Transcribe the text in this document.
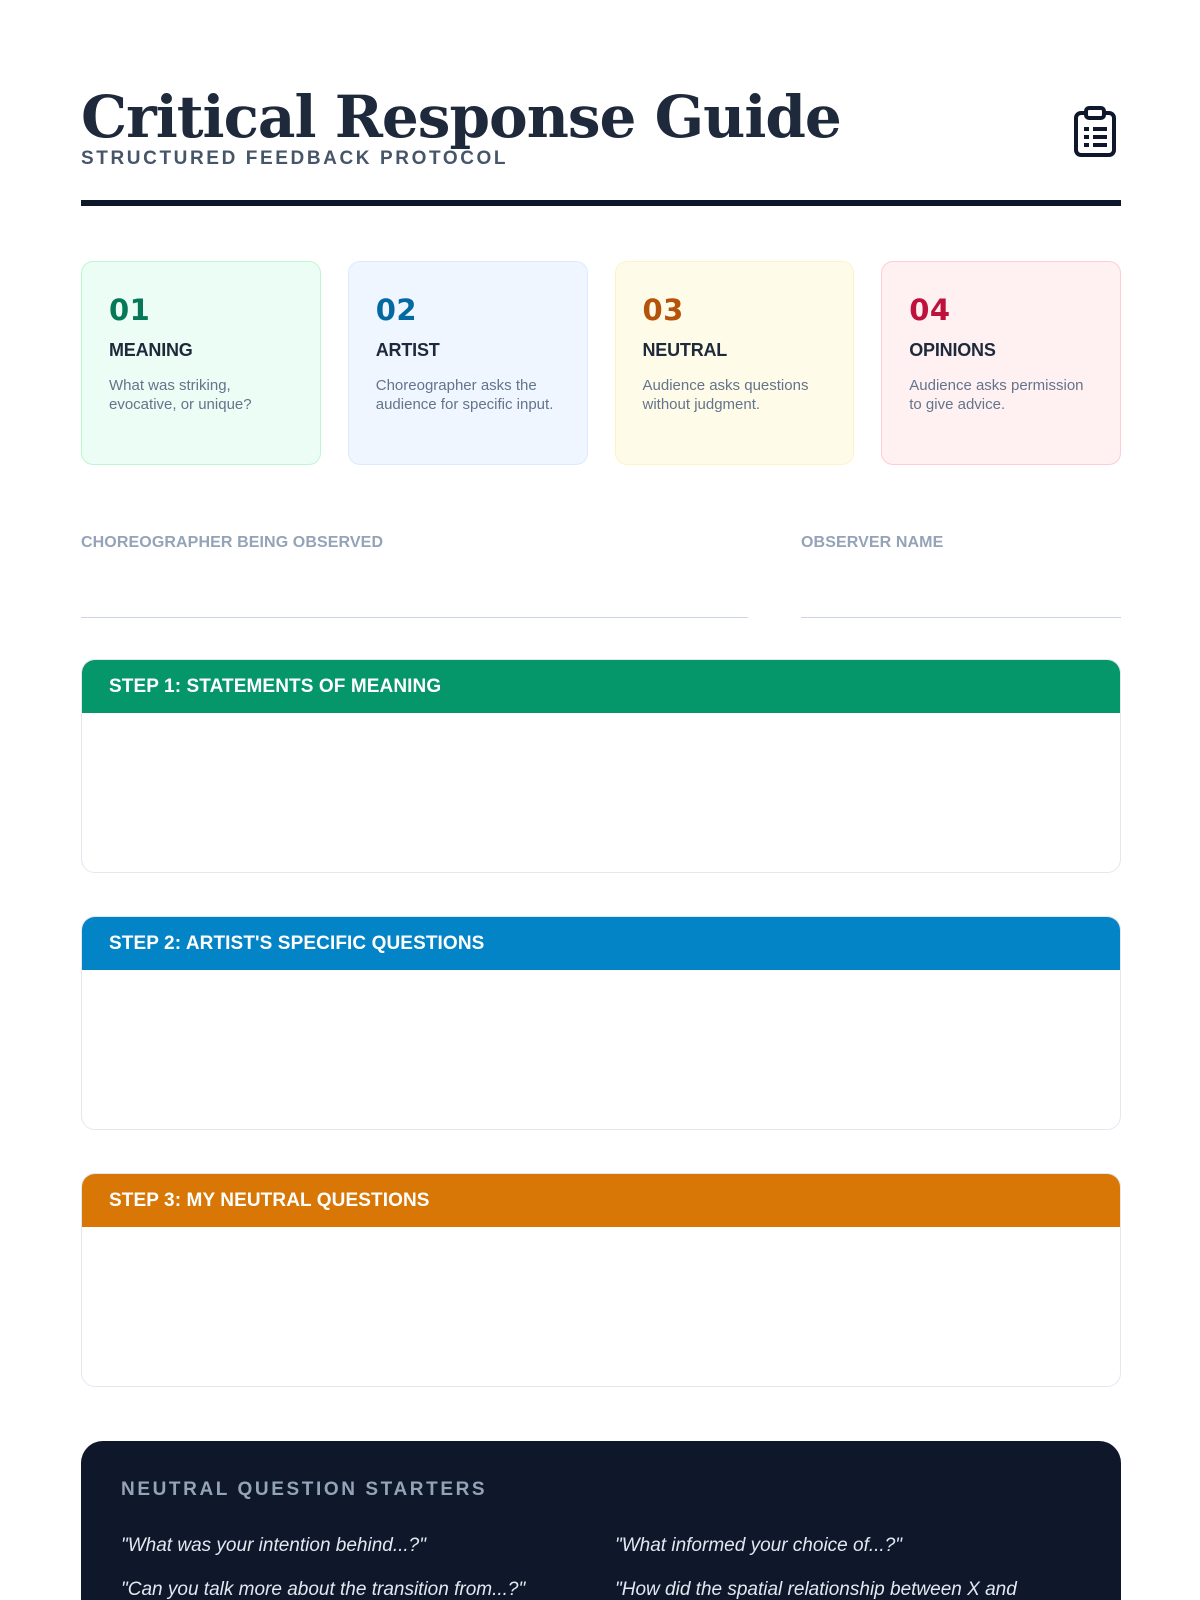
Critical Response Guide
STRUCTURED FEEDBACK PROTOCOL
01
MEANING
What was striking, evocative, or unique?
02
ARTIST
Choreographer asks the audience for specific input.
03
NEUTRAL
Audience asks questions without judgment.
04
OPINIONS
Audience asks permission to give advice.
CHOREOGRAPHER BEING OBSERVED	OBSERVER NAME
STEP 1: STATEMENTS OF MEANING
STEP 2: ARTIST'S SPECIFIC QUESTIONS
STEP 3: MY NEUTRAL QUESTIONS
NEUTRAL QUESTION STARTERS
"What was your intention behind...?"	"What informed your choice of...?"
"Can you talk more about the transition from...?"	"How did the spatial relationship between X and
